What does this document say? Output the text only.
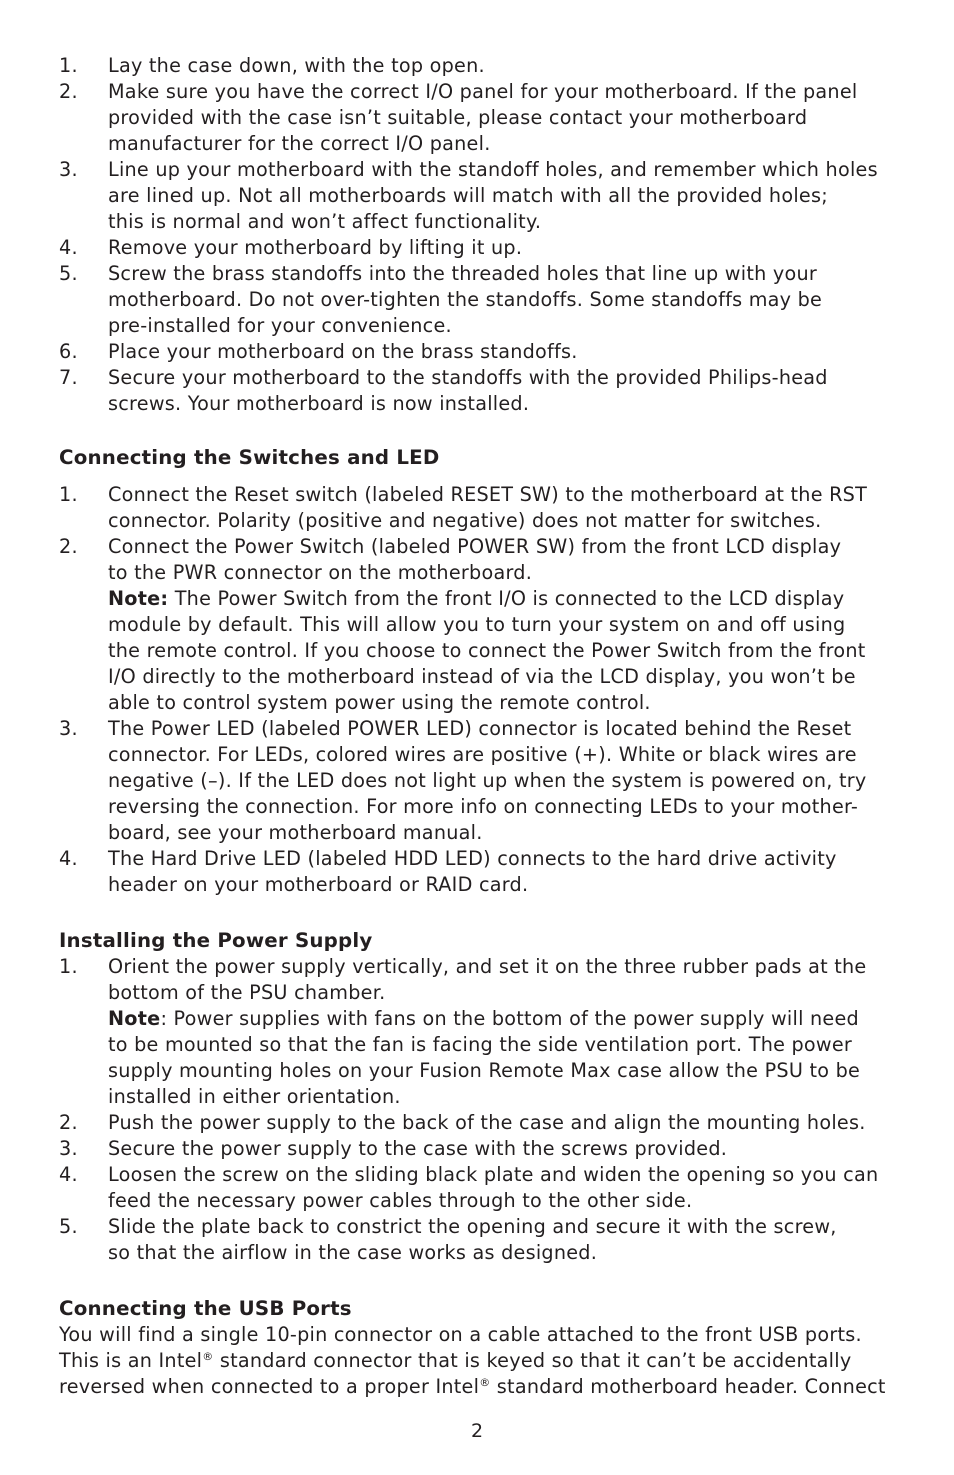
1. Lay the case down, with the top open.
2. Make sure you have the correct I/O panel for your motherboard. If the panel
provided with the case isn’t suitable, please contact your motherboard
manufacturer for the correct I/O panel.
3. Line up your motherboard with the standoff holes, and remember which holes
are lined up. Not all motherboards will match with all the provided holes;
this is normal and won’t affect functionality.
4. Remove your motherboard by lifting it up.
5. Screw the brass standoffs into the threaded holes that line up with your
motherboard. Do not over-tighten the standoffs. Some standoffs may be
pre-installed for your convenience.
6. Place your motherboard on the brass standoffs.
7. Secure your motherboard to the standoffs with the provided Philips-head
screws. Your motherboard is now installed.
Connecting the Switches and LED
1. Connect the Reset switch (labeled RESET SW) to the motherboard at the RST
connector. Polarity (positive and negative) does not matter for switches.
2. Connect the Power Switch (labeled POWER SW) from the front LCD display
to the PWR connector on the motherboard.
Note: The Power Switch from the front I/O is connected to the LCD display
module by default. This will allow you to turn your system on and off using
the remote control. If you choose to connect the Power Switch from the front
I/O directly to the motherboard instead of via the LCD display, you won’t be
able to control system power using the remote control.
3. The Power LED (labeled POWER LED) connector is located behind the Reset
connector. For LEDs, colored wires are positive (+). White or black wires are
negative (–). If the LED does not light up when the system is powered on, try
reversing the connection. For more info on connecting LEDs to your mother-
board, see your motherboard manual.
4. The Hard Drive LED (labeled HDD LED) connects to the hard drive activity
header on your motherboard or RAID card.
Installing the Power Supply
1. Orient the power supply vertically, and set it on the three rubber pads at the
bottom of the PSU chamber.
Note: Power supplies with fans on the bottom of the power supply will need
to be mounted so that the fan is facing the side ventilation port. The power
supply mounting holes on your Fusion Remote Max case allow the PSU to be
installed in either orientation.
2. Push the power supply to the back of the case and align the mounting holes.
3. Secure the power supply to the case with the screws provided.
4. Loosen the screw on the sliding black plate and widen the opening so you can
feed the necessary power cables through to the other side.
5. Slide the plate back to constrict the opening and secure it with the screw,
so that the airflow in the case works as designed.
Connecting the USB Ports
You will find a single 10-pin connector on a cable attached to the front USB ports.
This is an Intel® standard connector that is keyed so that it can’t be accidentally
reversed when connected to a proper Intel® standard motherboard header. Connect
2
